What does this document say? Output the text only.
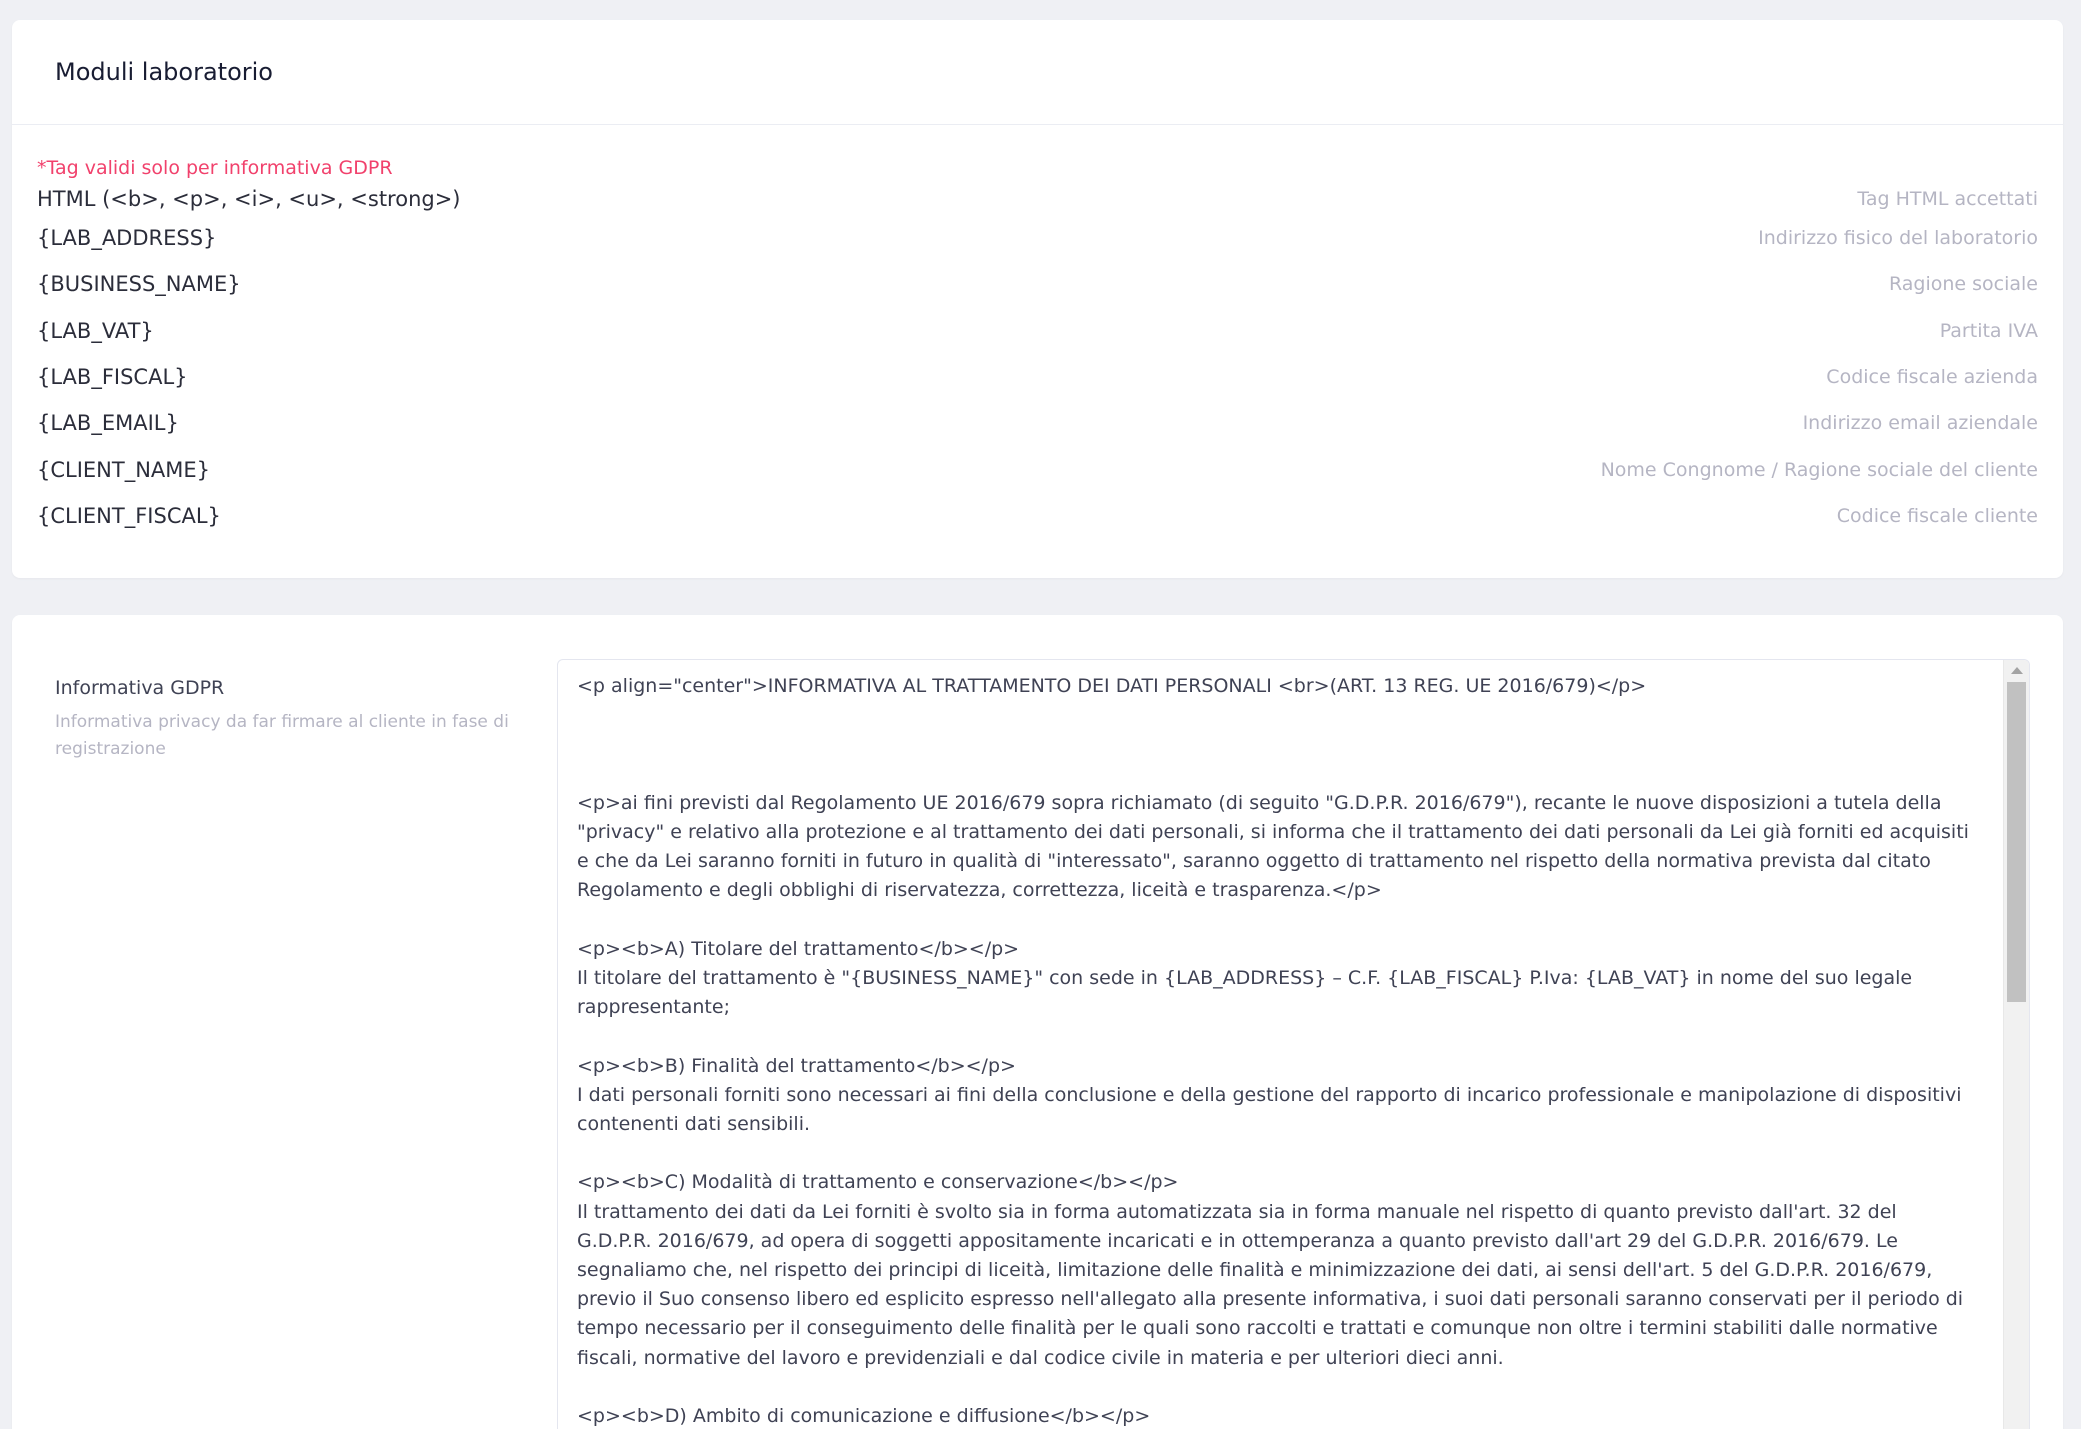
Moduli laboratorio
*Tag validi solo per informativa GDPR
HTML (<b>, <p>, <i>, <u>, <strong>)	Tag HTML accettati
{LAB_ADDRESS}	Indirizzo fisico del laboratorio
{BUSINESS_NAME}	Ragione sociale
{LAB_VAT}	Partita IVA
{LAB_FISCAL}	Codice fiscale azienda
{LAB_EMAIL}	Indirizzo email aziendale
{CLIENT_NAME}	Nome Congnome / Ragione sociale del cliente
{CLIENT_FISCAL}	Codice fiscale cliente
Informativa GDPR
Informativa privacy da far firmare al cliente in fase di registrazione
<p align="center">INFORMATIVA AL TRATTAMENTO DEI DATI PERSONALI <br>(ART. 13 REG. UE 2016/679)</p>

<p>ai fini previsti dal Regolamento UE 2016/679 sopra richiamato (di seguito "G.D.P.R. 2016/679"), recante le nuove disposizioni a tutela della "privacy" e relativo alla protezione e al trattamento dei dati personali, si informa che il trattamento dei dati personali da Lei già forniti ed acquisiti e che da Lei saranno forniti in futuro in qualità di "interessato", saranno oggetto di trattamento nel rispetto della normativa prevista dal citato Regolamento e degli obblighi di riservatezza, correttezza, liceità e trasparenza.</p>

<p><b>A) Titolare del trattamento</b></p>
Il titolare del trattamento è "{BUSINESS_NAME}" con sede in {LAB_ADDRESS} – C.F. {LAB_FISCAL} P.Iva: {LAB_VAT} in nome del suo legale rappresentante;

<p><b>B) Finalità del trattamento</b></p>
I dati personali forniti sono necessari ai fini della conclusione e della gestione del rapporto di incarico professionale e manipolazione di dispositivi contenenti dati sensibili.

<p><b>C) Modalità di trattamento e conservazione</b></p>
Il trattamento dei dati da Lei forniti è svolto sia in forma automatizzata sia in forma manuale nel rispetto di quanto previsto dall'art. 32 del G.D.P.R. 2016/679, ad opera di soggetti appositamente incaricati e in ottemperanza a quanto previsto dall'art 29 del G.D.P.R. 2016/679. Le segnaliamo che, nel rispetto dei principi di liceità, limitazione delle finalità e minimizzazione dei dati, ai sensi dell'art. 5 del G.D.P.R. 2016/679, previo il Suo consenso libero ed esplicito espresso nell'allegato alla presente informativa, i suoi dati personali saranno conservati per il periodo di tempo necessario per il conseguimento delle finalità per le quali sono raccolti e trattati e comunque non oltre i termini stabiliti dalle normative fiscali, normative del lavoro e previdenziali e dal codice civile in materia e per ulteriori dieci anni.

<p><b>D) Ambito di comunicazione e diffusione</b></p>
